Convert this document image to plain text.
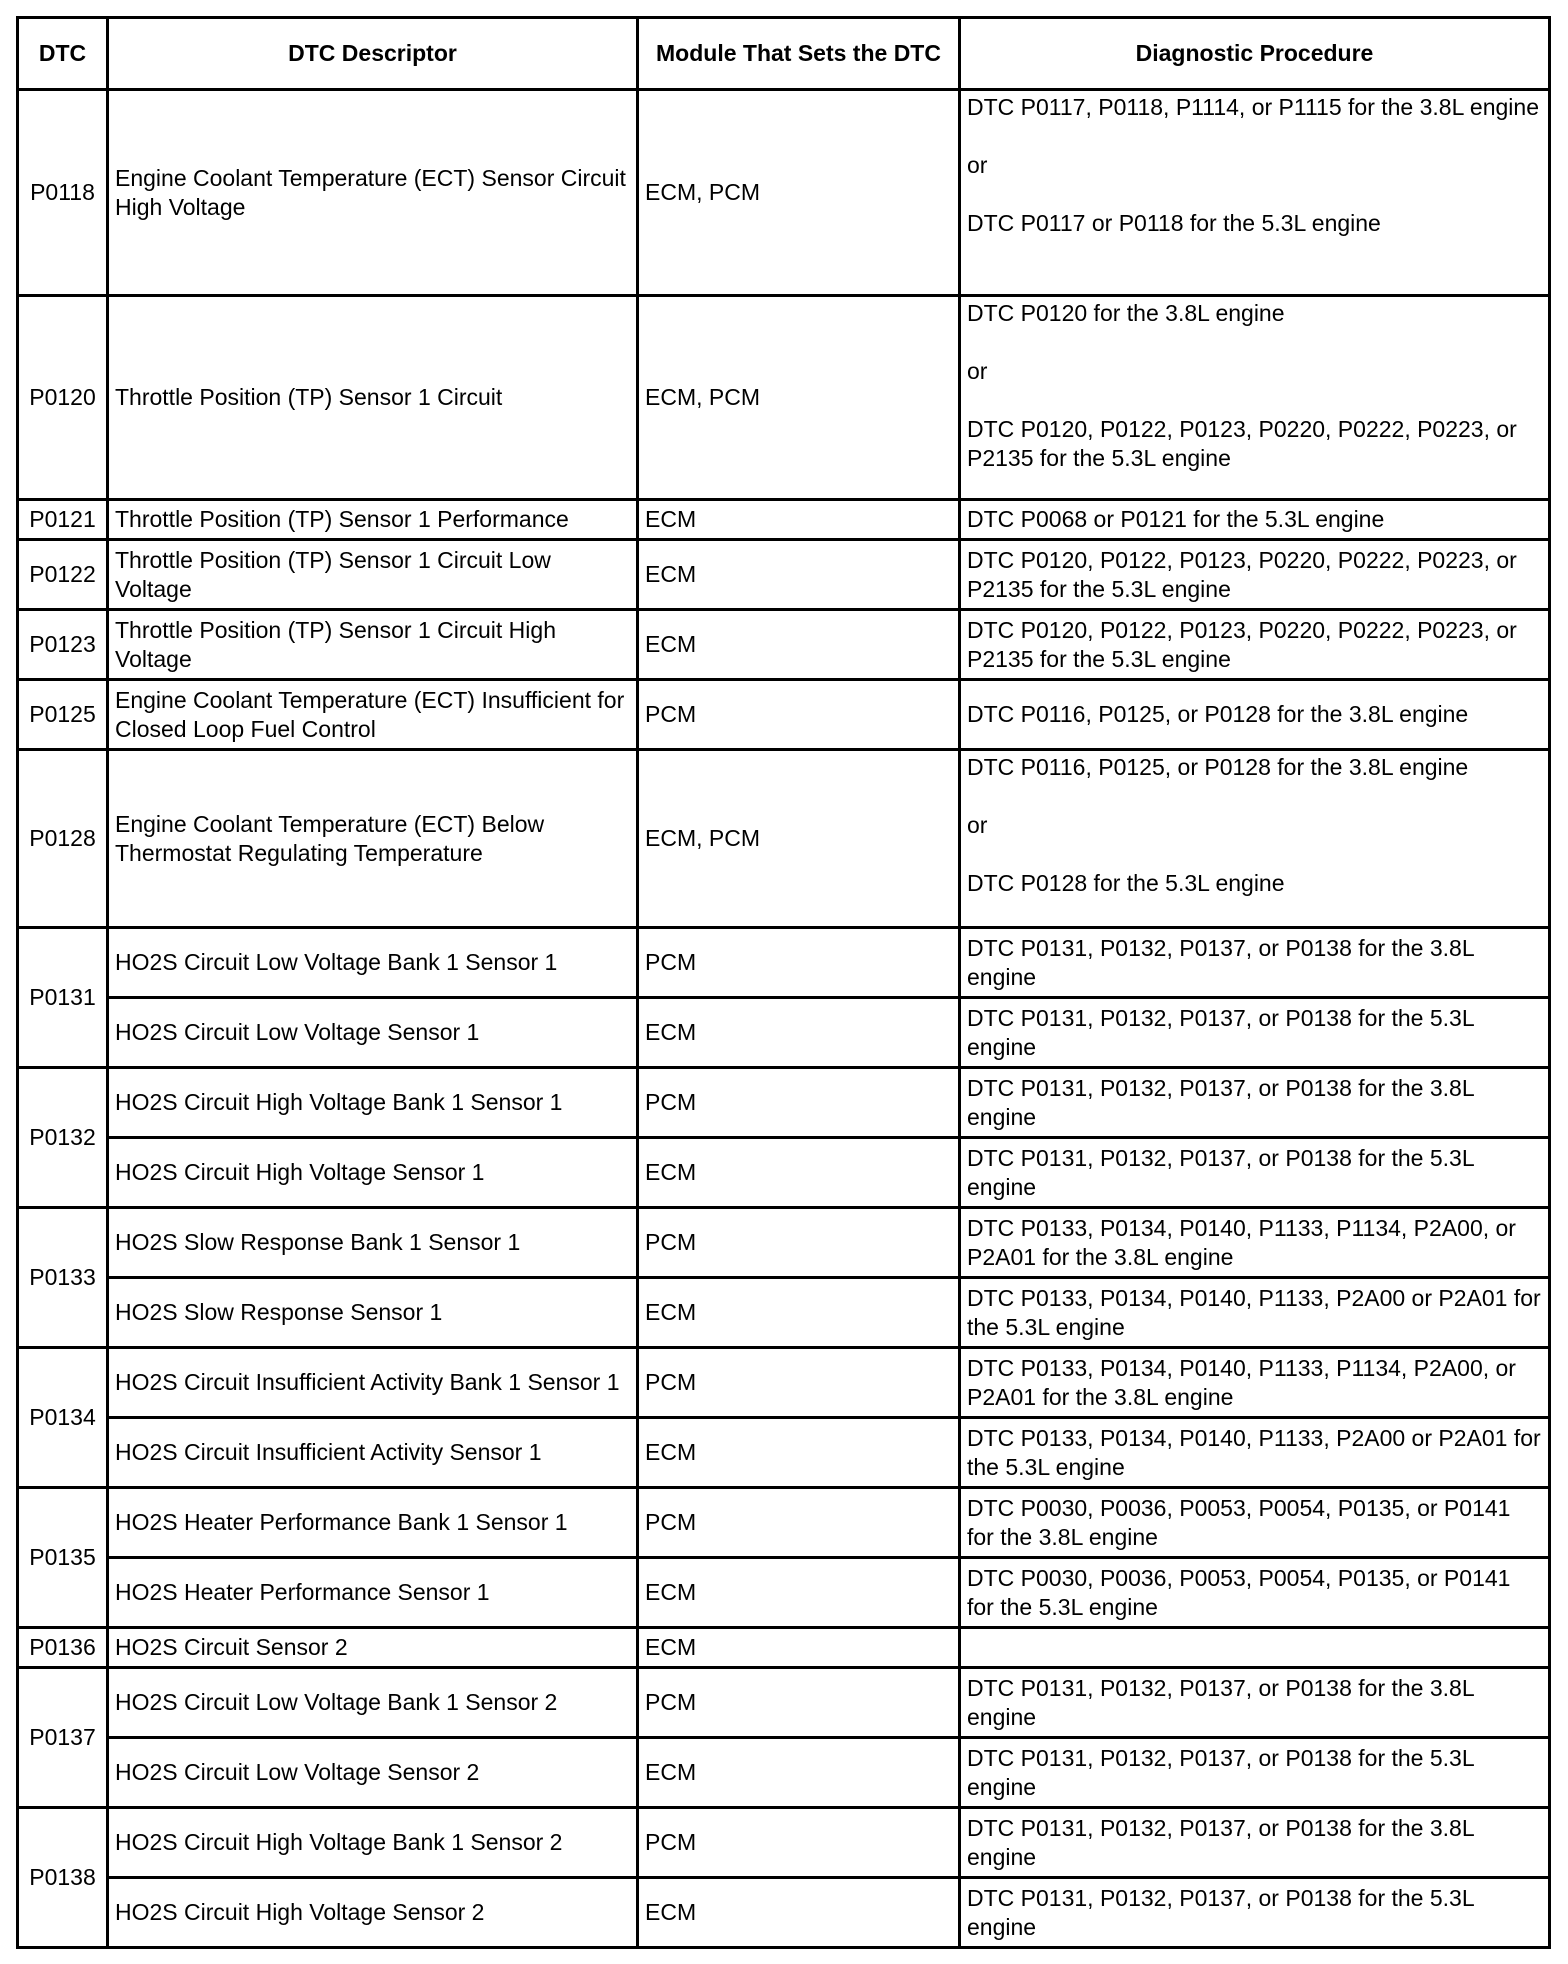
DTC	DTC Descriptor	Module That Sets the DTC	Diagnostic Procedure
P0118	Engine Coolant Temperature (ECT) Sensor Circuit High Voltage	ECM, PCM	DTC P0117, P0118, P1114, or P1115 for the 3.8L engine
or
DTC P0117 or P0118 for the 5.3L engine

P0120	Throttle Position (TP) Sensor 1 Circuit	ECM, PCM	DTC P0120 for the 3.8L engine
or
DTC P0120, P0122, P0123, P0220, P0222, P0223, or P2135 for the 5.3L engine

P0121	Throttle Position (TP) Sensor 1 Performance	ECM	DTC P0068 or P0121 for the 5.3L engine

P0122	Throttle Position (TP) Sensor 1 Circuit Low Voltage	ECM	DTC P0120, P0122, P0123, P0220, P0222, P0223, or P2135 for the 5.3L engine

P0123	Throttle Position (TP) Sensor 1 Circuit High Voltage	ECM	DTC P0120, P0122, P0123, P0220, P0222, P0223, or P2135 for the 5.3L engine

P0125	Engine Coolant Temperature (ECT) Insufficient for Closed Loop Fuel Control	PCM	DTC P0116, P0125, or P0128 for the 3.8L engine

P0128	Engine Coolant Temperature (ECT) Below Thermostat Regulating Temperature	ECM, PCM	DTC P0116, P0125, or P0128 for the 3.8L engine
or
DTC P0128 for the 5.3L engine

P0131	HO2S Circuit Low Voltage Bank 1 Sensor 1	PCM	DTC P0131, P0132, P0137, or P0138 for the 3.8L engine

	HO2S Circuit Low Voltage Sensor 1	ECM	DTC P0131, P0132, P0137, or P0138 for the 5.3L engine

P0132	HO2S Circuit High Voltage Bank 1 Sensor 1	PCM	DTC P0131, P0132, P0137, or P0138 for the 3.8L engine

	HO2S Circuit High Voltage Sensor 1	ECM	DTC P0131, P0132, P0137, or P0138 for the 5.3L engine

P0133	HO2S Slow Response Bank 1 Sensor 1	PCM	DTC P0133, P0134, P0140, P1133, P1134, P2A00, or P2A01 for the 3.8L engine

	HO2S Slow Response Sensor 1	ECM	DTC P0133, P0134, P0140, P1133, P2A00 or P2A01 for the 5.3L engine

P0134	HO2S Circuit Insufficient Activity Bank 1 Sensor 1	PCM	DTC P0133, P0134, P0140, P1133, P1134, P2A00, or P2A01 for the 3.8L engine

	HO2S Circuit Insufficient Activity Sensor 1	ECM	DTC P0133, P0134, P0140, P1133, P2A00 or P2A01 for the 5.3L engine

P0135	HO2S Heater Performance Bank 1 Sensor 1	PCM	DTC P0030, P0036, P0053, P0054, P0135, or P0141 for the 3.8L engine

	HO2S Heater Performance Sensor 1	ECM	DTC P0030, P0036, P0053, P0054, P0135, or P0141 for the 5.3L engine

P0136	HO2S Circuit Sensor 2	ECM	
P0137	HO2S Circuit Low Voltage Bank 1 Sensor 2	PCM	DTC P0131, P0132, P0137, or P0138 for the 3.8L engine

	HO2S Circuit Low Voltage Sensor 2	ECM	DTC P0131, P0132, P0137, or P0138 for the 5.3L engine

P0138	HO2S Circuit High Voltage Bank 1 Sensor 2	PCM	DTC P0131, P0132, P0137, or P0138 for the 3.8L engine

	HO2S Circuit High Voltage Sensor 2	ECM	DTC P0131, P0132, P0137, or P0138 for the 5.3L engine
